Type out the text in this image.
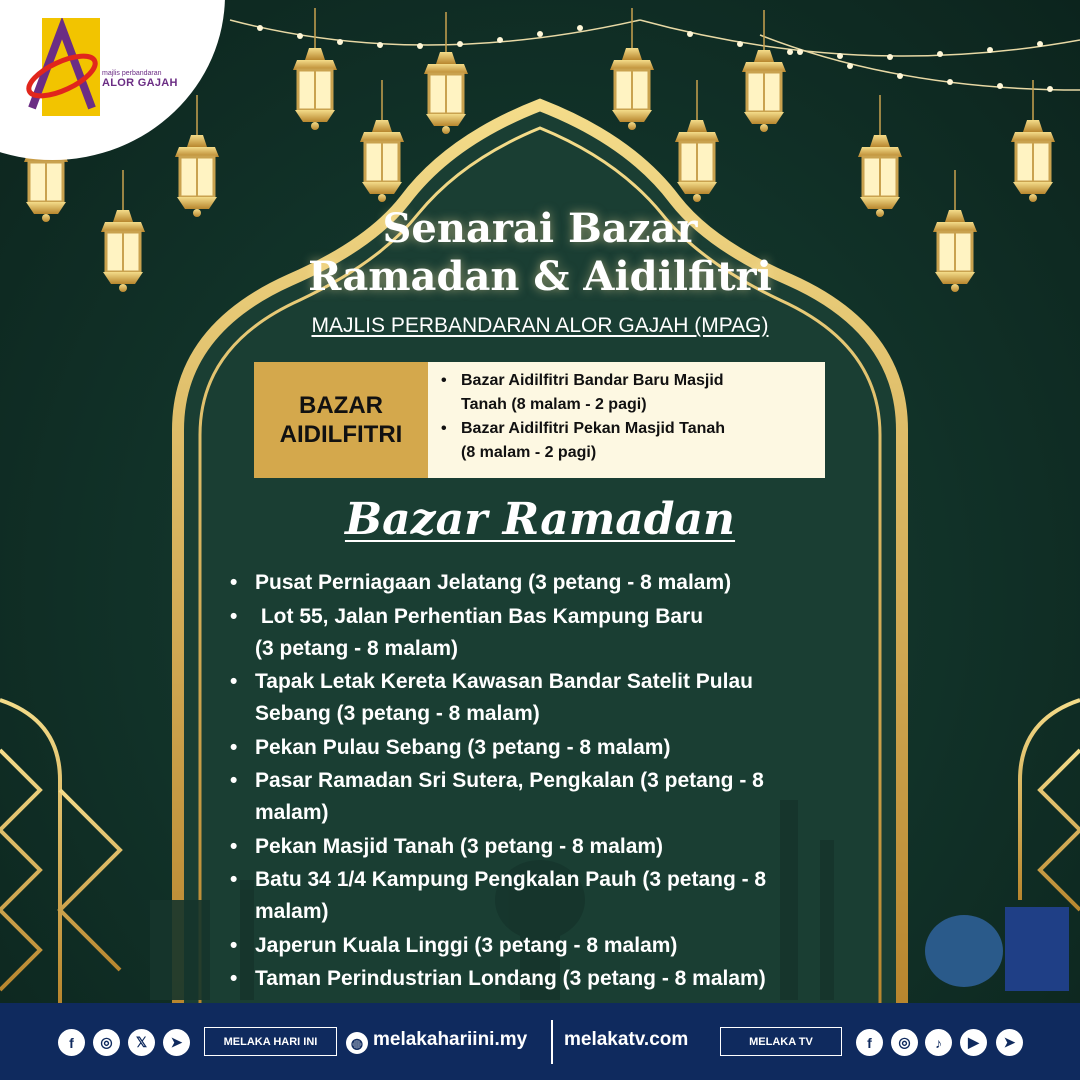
majlis perbandaran
ALOR GAJAH
Senarai Bazar
Ramadan & Aidilfitri
MAJLIS PERBANDARAN ALOR GAJAH (MPAG)
BAZAR
AIDILFITRI
• Bazar Aidilfitri Bandar Baru Masjid
Tanah (8 malam - 2 pagi)
• Bazar Aidilfitri Pekan Masjid Tanah
(8 malam - 2 pagi)
Bazar Ramadan
• Pusat Perniagaan Jelatang (3 petang - 8 malam)
•  Lot 55, Jalan Perhentian Bas Kampung Baru
(3 petang - 8 malam)
• Tapak Letak Kereta Kawasan Bandar Satelit Pulau
Sebang (3 petang - 8 malam)
• Pekan Pulau Sebang (3 petang - 8 malam)
• Pasar Ramadan Sri Sutera, Pengkalan (3 petang - 8
malam)
• Pekan Masjid Tanah (3 petang - 8 malam)
• Batu 34 1/4 Kampung Pengkalan Pauh (3 petang - 8
malam)
• Japerun Kuala Linggi (3 petang - 8 malam)
• Taman Perindustrian Londang (3 petang - 8 malam)
f	◎	𝕏	➤	MELAKA HARI INI	◍ melakahariini.my melakatv.com	MELAKA TV	f	◎	♪	▶	➤
